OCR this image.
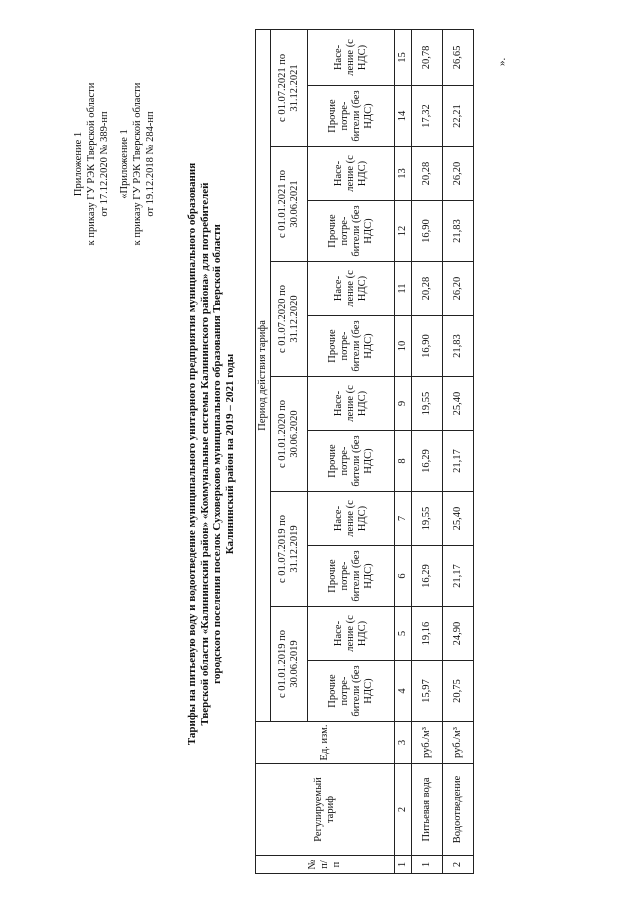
Приложение 1 к приказу ГУ РЭК Тверской области от 17.12.2020 № 389-нп «Приложение 1 к приказу ГУ РЭК Тверской области от 19.12.2018 № 284-нп	Тарифы на питьевую воду и водоотведение муниципального унитарного предприятия муниципального образования Тверской области «Калининский район» «Коммунальные системы Калининского района» для потребителей городского поселения поселок Суховерково муниципального образования Тверской области Калининский район на 2019 – 2021 годы
№ п/ п	Регулируемый тариф	Ед. изм.	Период действия тарифа											
			с 01.01.2019 по 30.06.2019		с 01.07.2019 по 31.12.2019		с 01.01.2020 по 30.06.2020		с 01.07.2020 по 31.12.2020		с 01.01.2021 по 30.06.2021		с 01.07.2021 по 31.12.2021	
			Прочие потре- бители (без НДС)	Насе- ление (с НДС)	Прочие потре- бители (без НДС)	Насе- ление (с НДС)	Прочие потре- бители (без НДС)	Насе- ление (с НДС)	Прочие потре- бители (без НДС)	Насе- ление (с НДС)	Прочие потре- бители (без НДС)	Насе- ление (с НДС)	Прочие потре- бители (без НДС)	Насе- ление (с НДС)
1	2	3	4	5	6	7	8	9	10	11	12	13	14	15
1	Питьевая вода	руб./м³	15,97	19,16	16,29	19,55	16,29	19,55	16,90	20,28	16,90	20,28	17,32	20,78
2	Водоотведение	руб./м³	20,75	24,90	21,17	25,40	21,17	25,40	21,83	26,20	21,83	26,20	22,21	26,65	».
